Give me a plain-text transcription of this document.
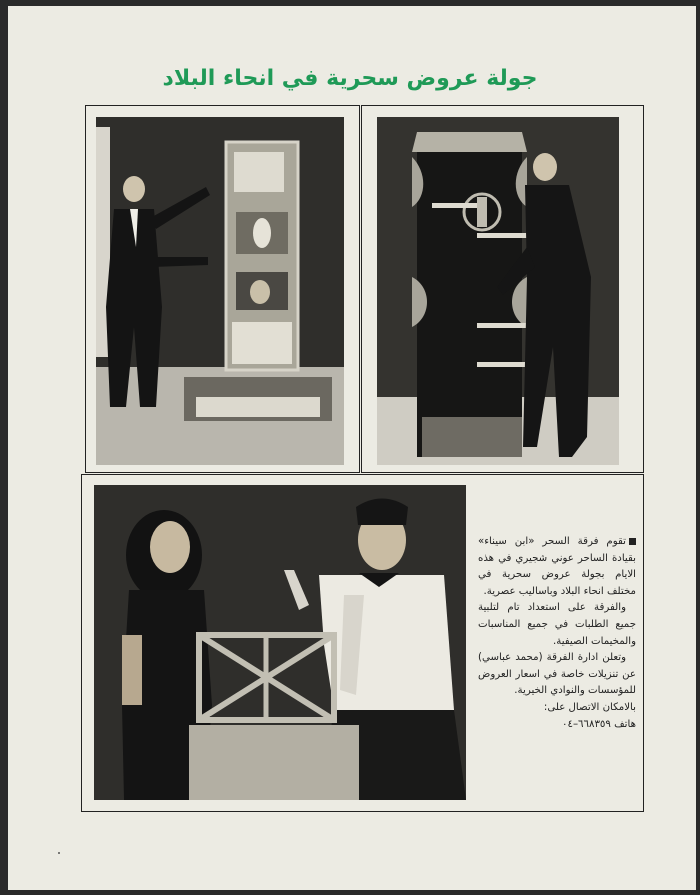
جولة عروض سحرية في انحاء البلاد

تقوم فرقة السحر «ابن سيناء» بقيادة الساحر عوني شجيري في هذه الايام بجولة عروض سحرية في مختلف انحاء البلاد وباساليب عصرية.

والفرقة على استعداد تام لتلبية جميع الطلبات في جميع المناسبات والمخيمات الصيفية.

وتعلن ادارة الفرقة (محمد عباسي) عن تنزيلات خاصة في اسعار العروض للمؤسسات والنوادي الخيرية.

بالامكان الاتصال على:

هاتف ٦٦٨٣٥٩–٠٤
